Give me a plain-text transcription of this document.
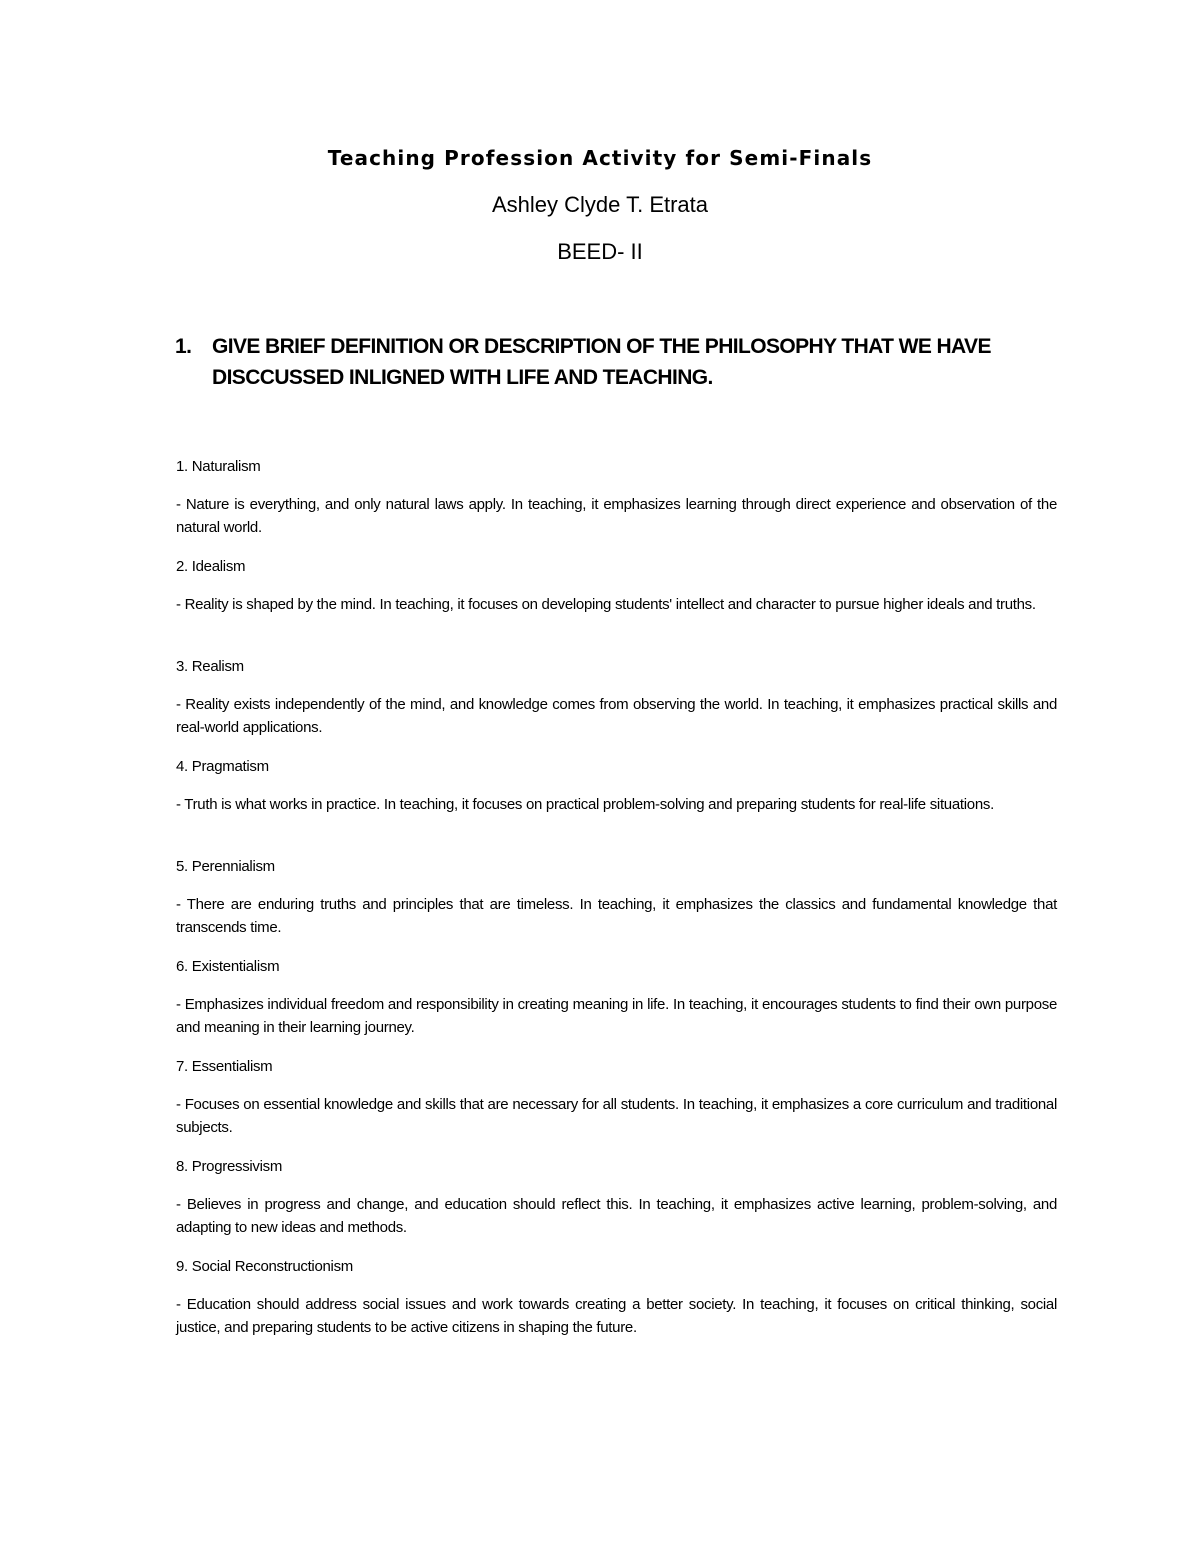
Teaching Profession Activity for Semi-Finals

Ashley Clyde T. Etrata

BEED- II

1. GIVE BRIEF DEFINITION OR DESCRIPTION OF THE PHILOSOPHY THAT WE HAVE DISCCUSSED INLIGNED WITH LIFE AND TEACHING.

1. Naturalism

- Nature is everything, and only natural laws apply. In teaching, it emphasizes learning through direct experience and observation of the natural world.

2. Idealism

- Reality is shaped by the mind. In teaching, it focuses on developing students' intellect and character to pursue higher ideals and truths.

3. Realism

- Reality exists independently of the mind, and knowledge comes from observing the world. In teaching, it emphasizes practical skills and real-world applications.

4. Pragmatism

- Truth is what works in practice. In teaching, it focuses on practical problem-solving and preparing students for real-life situations.

5. Perennialism

- There are enduring truths and principles that are timeless. In teaching, it emphasizes the classics and fundamental knowledge that transcends time.

6. Existentialism

- Emphasizes individual freedom and responsibility in creating meaning in life. In teaching, it encourages students to find their own purpose and meaning in their learning journey.

7. Essentialism

- Focuses on essential knowledge and skills that are necessary for all students. In teaching, it emphasizes a core curriculum and traditional subjects.

8. Progressivism

- Believes in progress and change, and education should reflect this. In teaching, it emphasizes active learning, problem-solving, and adapting to new ideas and methods.

9. Social Reconstructionism

- Education should address social issues and work towards creating a better society. In teaching, it focuses on critical thinking, social justice, and preparing students to be active citizens in shaping the future.
